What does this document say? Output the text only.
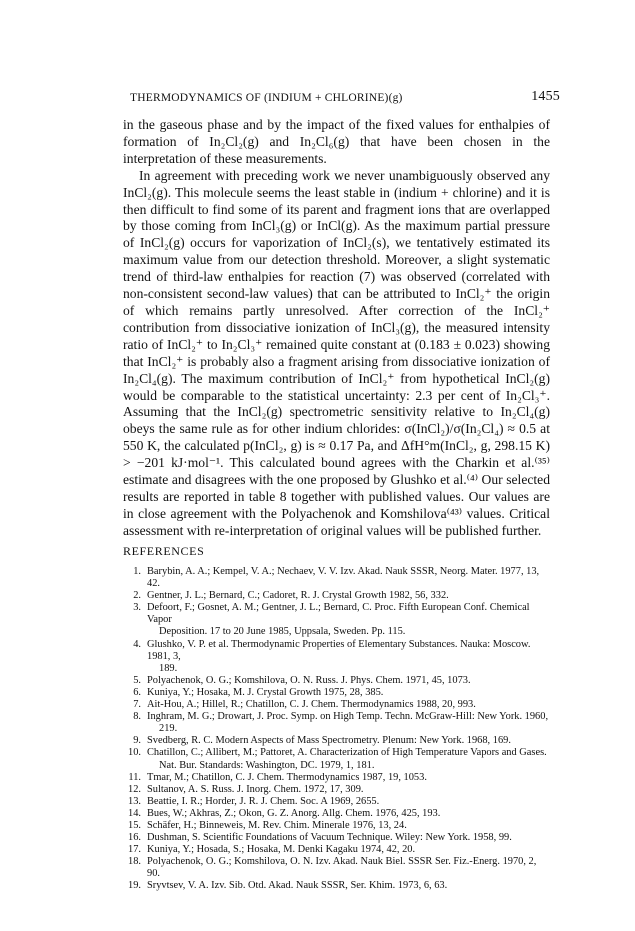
THERMODYNAMICS OF (INDIUM + CHLORINE)(g)	1455

in the gaseous phase and by the impact of the fixed values for enthalpies of formation of In₂Cl₂(g) and In₂Cl₆(g) that have been chosen in the interpretation of these measurements.

In agreement with preceding work we never unambiguously observed any InCl₂(g). This molecule seems the least stable in (indium + chlorine) and it is then difficult to find some of its parent and fragment ions that are overlapped by those coming from InCl₃(g) or InCl(g). As the maximum partial pressure of InCl₂(g) occurs for vaporization of InCl₂(s), we tentatively estimated its maximum value from our detection threshold. Moreover, a slight systematic trend of third-law enthalpies for reaction (7) was observed (correlated with non-consistent second-law values) that can be attributed to InCl₂⁺ the origin of which remains partly unresolved. After correction of the InCl₂⁺ contribution from dissociative ionization of InCl₃(g), the measured intensity ratio of InCl₂⁺ to In₂Cl₃⁺ remained quite constant at (0.183 ± 0.023) showing that InCl₂⁺ is probably also a fragment arising from dissociative ionization of In₂Cl₄(g). The maximum contribution of InCl₂⁺ from hypothetical InCl₂(g) would be comparable to the statistical uncertainty: 2.3 per cent of In₂Cl₃⁺. Assuming that the InCl₂(g) spectrometric sensitivity relative to In₂Cl₄(g) obeys the same rule as for other indium chlorides: σ(InCl₂)/σ(In₂Cl₄) ≈ 0.5 at 550 K, the calculated p(InCl₂, g) is ≈ 0.17 Pa, and ΔfH°m(InCl₂, g, 298.15 K) > −201 kJ·mol⁻¹. This calculated bound agrees with the Charkin et al.⁽³⁵⁾ estimate and disagrees with the one proposed by Glushko et al.⁽⁴⁾ Our selected results are reported in table 8 together with published values. Our values are in close agreement with the Polyachenok and Komshilova⁽⁴³⁾ values. Critical assessment with re-interpretation of original values will be published further.

REFERENCES
1. Barybin, A. A.; Kempel, V. A.; Nechaev, V. V. Izv. Akad. Nauk SSSR, Neorg. Mater. 1977, 13, 42.
2. Gentner, J. L.; Bernard, C.; Cadoret, R. J. Crystal Growth 1982, 56, 332.
3. Defoort, F.; Gosnet, A. M.; Gentner, J. L.; Bernard, C. Proc. Fifth European Conf. Chemical Vapor
Deposition. 17 to 20 June 1985, Uppsala, Sweden. Pp. 115.
4. Glushko, V. P. et al. Thermodynamic Properties of Elementary Substances. Nauka: Moscow. 1981, 3,
189.
5. Polyachenok, O. G.; Komshilova, O. N. Russ. J. Phys. Chem. 1971, 45, 1073.
6. Kuniya, Y.; Hosaka, M. J. Crystal Growth 1975, 28, 385.
7. Ait-Hou, A.; Hillel, R.; Chatillon, C. J. Chem. Thermodynamics 1988, 20, 993.
8. Inghram, M. G.; Drowart, J. Proc. Symp. on High Temp. Techn. McGraw-Hill: New York. 1960,
219.
9. Svedberg, R. C. Modern Aspects of Mass Spectrometry. Plenum: New York. 1968, 169.
10. Chatillon, C.; Allibert, M.; Pattoret, A. Characterization of High Temperature Vapors and Gases.
Nat. Bur. Standards: Washington, DC. 1979, 1, 181.
11. Tmar, M.; Chatillon, C. J. Chem. Thermodynamics 1987, 19, 1053.
12. Sultanov, A. S. Russ. J. Inorg. Chem. 1972, 17, 309.
13. Beattie, I. R.; Horder, J. R. J. Chem. Soc. A 1969, 2655.
14. Bues, W.; Akhras, Z.; Okon, G. Z. Anorg. Allg. Chem. 1976, 425, 193.
15. Schäfer, H.; Binneweis, M. Rev. Chim. Minerale 1976, 13, 24.
16. Dushman, S. Scientific Foundations of Vacuum Technique. Wiley: New York. 1958, 99.
17. Kuniya, Y.; Hosada, S.; Hosaka, M. Denki Kagaku 1974, 42, 20.
18. Polyachenok, O. G.; Komshilova, O. N. Izv. Akad. Nauk Biel. SSSR Ser. Fiz.-Energ. 1970, 2, 90.
19. Sryvtsev, V. A. Izv. Sib. Otd. Akad. Nauk SSSR, Ser. Khim. 1973, 6, 63.
